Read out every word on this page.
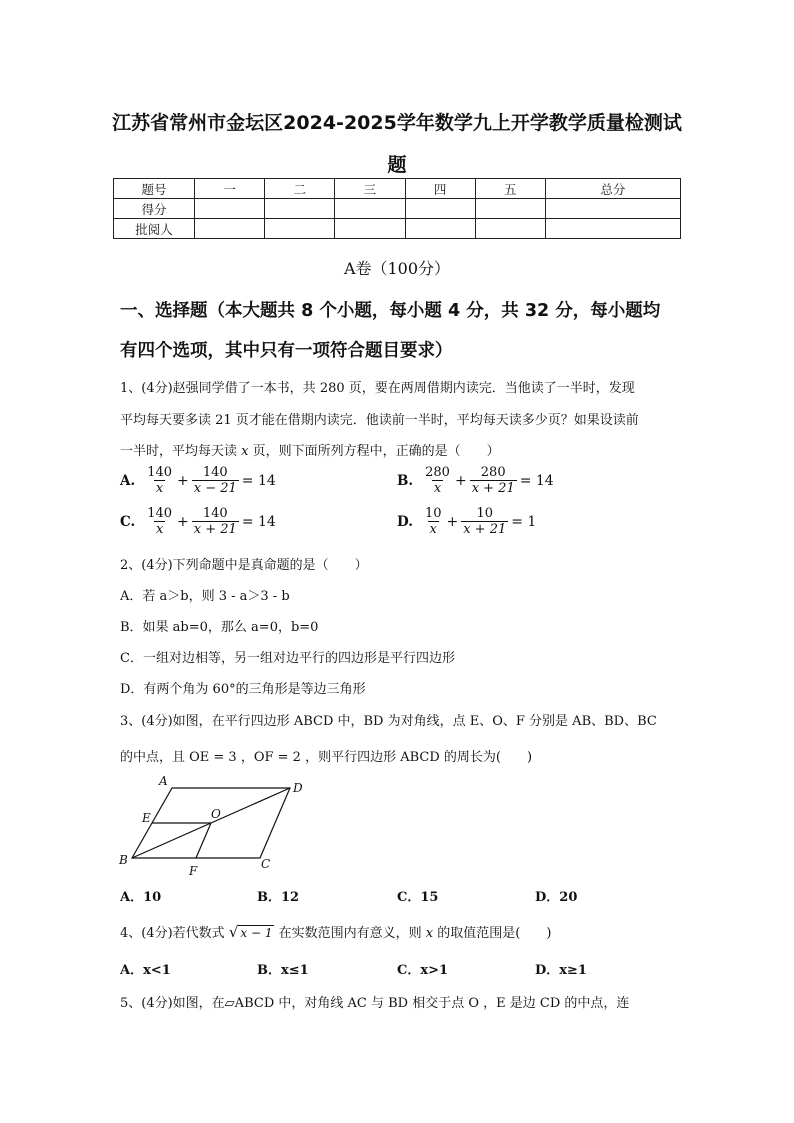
江苏省常州市金坛区2024-2025学年数学九上开学教学质量检测试
题
题号	一	二	三	四	五	总分
得分						
批阅人						
A卷（100分）
一、选择题（本大题共 8 个小题，每小题 4 分，共 32 分，每小题均
有四个选项，其中只有一项符合题目要求）
1、(4分)赵强同学借了一本书，共 280 页，要在两周借期内读完．当他读了一半时，发现
平均每天要多读 21 页才能在借期内读完．他读前一半时，平均每天读多少页？如果设读前
一半时，平均每天读 x 页，则下面所列方程中，正确的是（　　）
A. $\frac{140}{x} + \frac{140}{x - 21} = 14$	B. $\frac{280}{x} + \frac{280}{x + 21} = 14$
C. $\frac{140}{x} + \frac{140}{x + 21} = 14$	D. $\frac{10}{x} + \frac{10}{x + 21} = 1$
2、(4分)下列命题中是真命题的是（　　）
A．若 a＞b，则 3 - a＞3 - b
B．如果 ab=0，那么 a=0，b=0
C．一组对边相等，另一组对边平行的四边形是平行四边形
D．有两个角为 60°的三角形是等边三角形
3、(4分)如图，在平行四边形 ABCD 中，BD 为对角线，点 E、O、F 分别是 AB、BD、BC
的中点，且 OE = 3 ，OF = 2 ，则平行四边形 ABCD 的周长为(　　)
A	D
E	O
B	C
F
A．10	B．12	C．15	D．20
4、(4分)若代数式 √ x − 1 在实数范围内有意义，则 x 的取值范围是(　　)
A．x<1	B．x≤1	C．x>1	D．x≥1
5、(4分)如图，在▱ABCD 中，对角线 AC 与 BD 相交于点 O ，E 是边 CD 的中点，连
